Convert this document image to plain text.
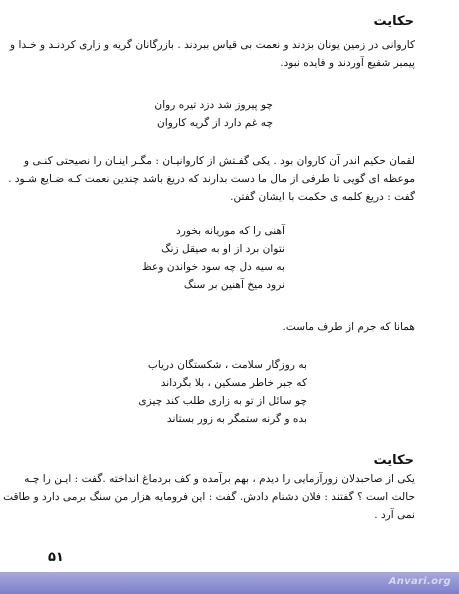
حکایت
کاروانی در زمین یونان بزدند و نعمت بی قیاس ببردند . بازرگانان گریه و زاری کردنـد و خـدا و
پیمبر شفیع آوردند و فایده نبود.
چو پیروز شد دزد تیره روان
چه غم دارد از گریه کاروان
لقمان حکیم اندر آن کاروان بود . یکی گفـتش از کاروانیـان : مگـر اینـان را نصیحتی کنـی و
موعظه ای گویی تا طرفی از مال ما دست بدارند که دریغ باشد چندین نعمت کـه ضـایع شـود .
گفت : دریغ کلمه ی حکمت با ایشان گفتن.
آهنی را که موریانه بخورد
نتوان برد از او به صیقل زنگ
به سیه دل چه سود خواندن وعظ
نرود میخ آهنین بر سنگ
همانا که جرم از طرف ماست.
به روزگار سلامت ، شکستگان دریاب
که جبر خاطر مسکین ، بلا بگرداند
چو سائل از تو به زاری طلب کند چیزی
بده و گرنه ستمگر به زور بستاند
حکایت
یکی از صاحبدلان زورآزمایی را دیدم ، بهم برآمده و کف بردماغ انداخته .گفت : ایـن را چـه
حالت است ؟ گفتند : فلان دشنام دادش. گفت : این فرومایه هزار من سنگ برمی دارد و طاقت
نمی آرد .
۵۱
Anvari.org
